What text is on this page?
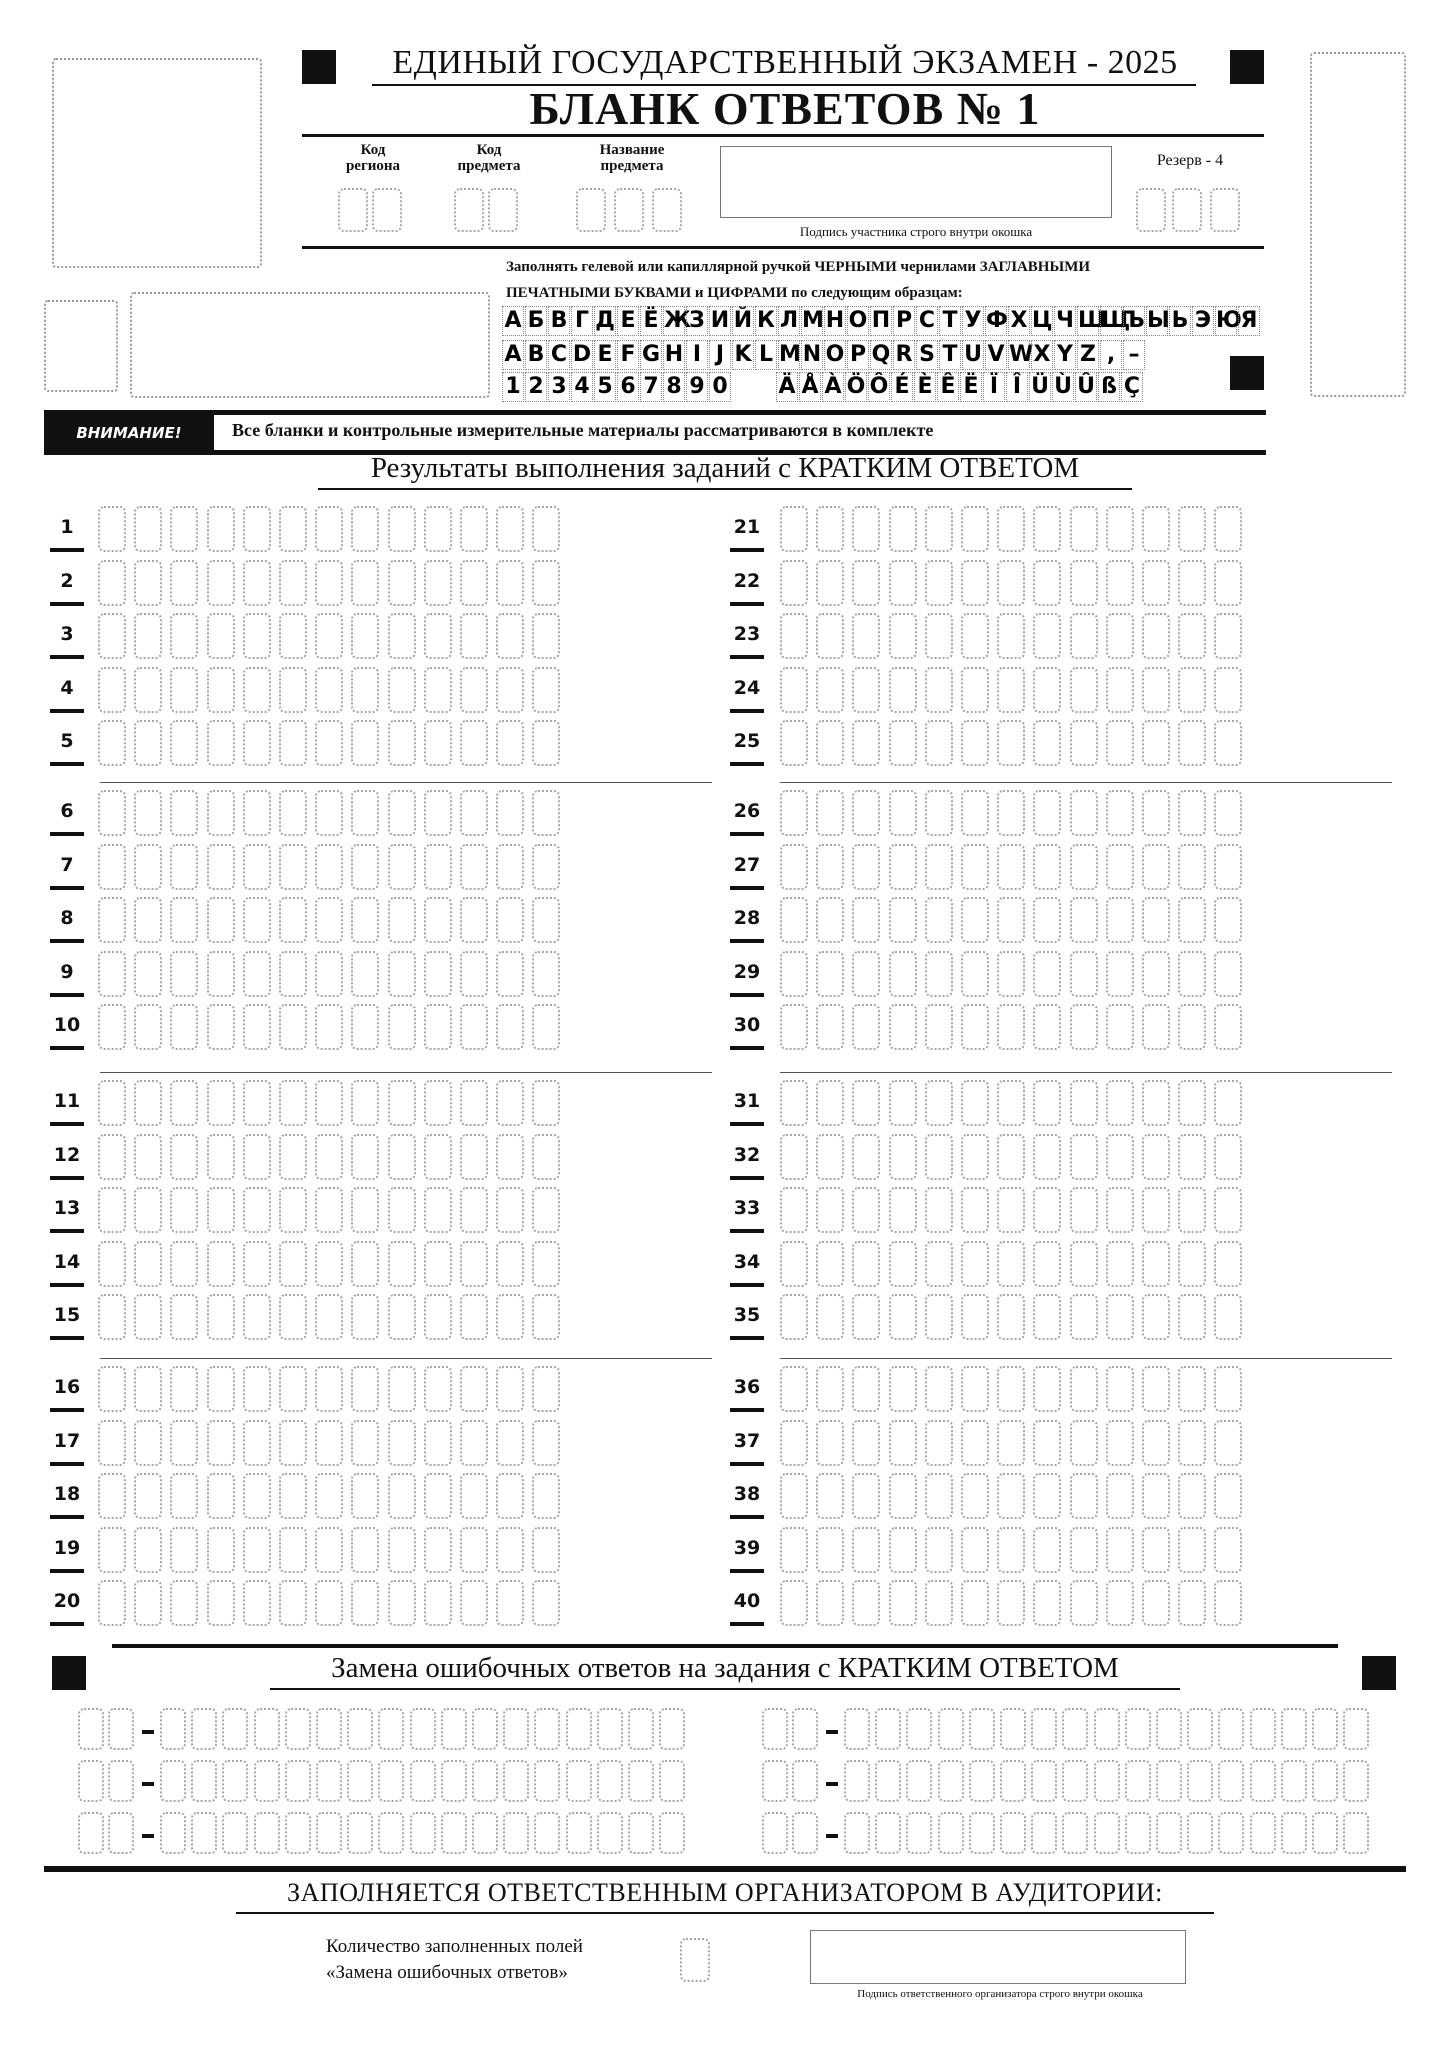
ЕДИНЫЙ ГОСУДАРСТВЕННЫЙ ЭКЗАМЕН - 2025
БЛАНК ОТВЕТОВ № 1
Код региона
Код предмета
Название предмета
Подпись участника строго внутри окошка
Резерв - 4
Заполнять гелевой или капиллярной ручкой ЧЕРНЫМИ чернилами ЗАГЛАВНЫМИ
ПЕЧАТНЫМИ БУКВАМИ и ЦИФРАМИ по следующим образцам:
А Б В Г Д Е Ё Ж
З И Й К Л М Н О П Р С Т У Ф Х Ц Ч Ш
Щ
Ъ Ы Ь Э Ю
Я
A B C D E F G H I J K L M N O P Q R S T U V W X Y Z , –
1 2 3 4 5 6 7 8 9 0 Ä Å À Ö Ô É È Ê Ë Ï Î Ü Ù Û ß Ç
ВНИМАНИЕ!	Все бланки и контрольные измерительные материалы рассматриваются в комплекте
Результаты выполнения заданий с КРАТКИМ ОТВЕТОМ
1
2
3
4
5
6
7
8
9
10
11
12
13
14
15
16
17
18
19
20
21
22
23
24
25
26
27
28
29
30
31
32
33
34
35
36
37
38
39
40
Замена ошибочных ответов на задания с КРАТКИМ ОТВЕТОМ
ЗАПОЛНЯЕТСЯ ОТВЕТСТВЕННЫМ ОРГАНИЗАТОРОМ В АУДИТОРИИ:
Количество заполненных полей
«Замена ошибочных ответов»
Подпись ответственного организатора строго внутри окошка
